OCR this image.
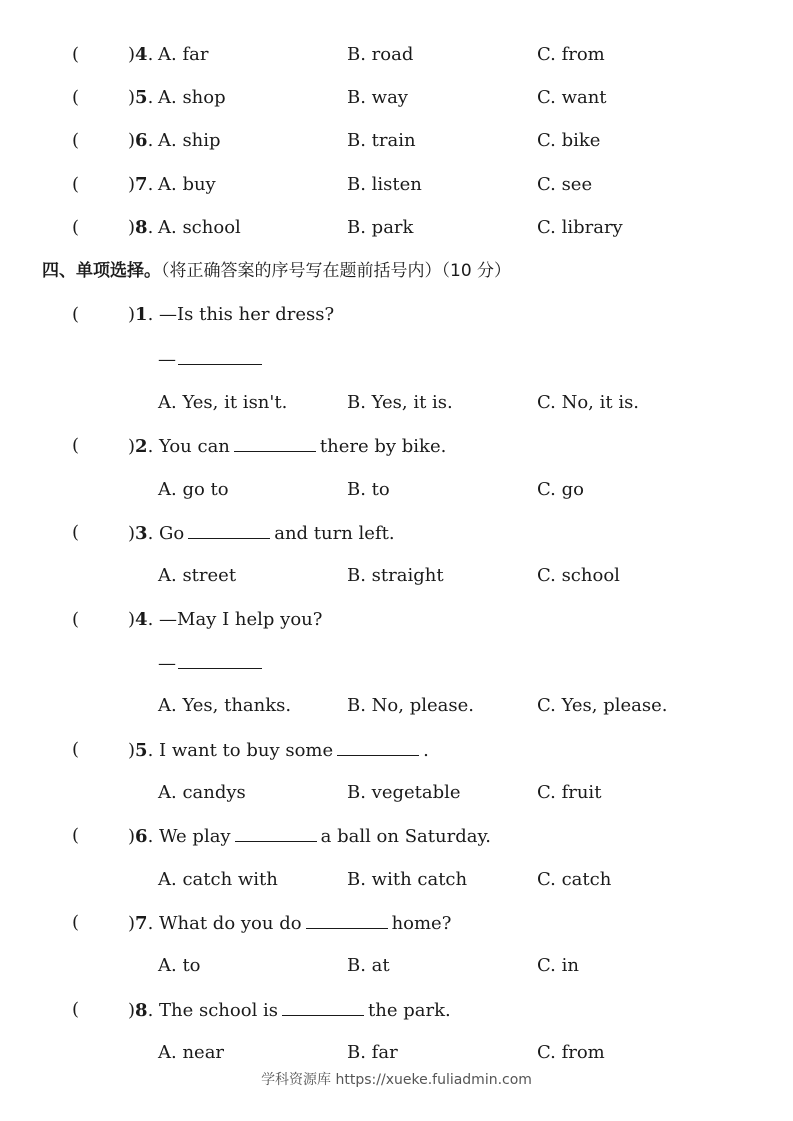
(	)4. A. far	B. road	C. from
(	)5. A. shop	B. way	C. want
(	)6. A. ship	B. train	C. bike
(	)7. A. buy	B. listen	C. see
(	)8. A. school	B. park	C. library
四、单项选择。（将正确答案的序号写在题前括号内）（10 分）
(	)1. —Is this her dress?
—
A. Yes, it isn't.	B. Yes, it is.	C. No, it is.
(	)2. You can	there by bike.
A. go to	B. to	C. go
(	)3. Go	and turn left.
A. street	B. straight	C. school
(	)4. —May I help you?
—
A. Yes, thanks.	B. No, please.	C. Yes, please.
(	)5. I want to buy some	.
A. candys	B. vegetable	C. fruit
(	)6. We play	a ball on Saturday.
A. catch with	B. with catch	C. catch
(	)7. What do you do	home?
A. to	B. at	C. in
(	)8. The school is	the park.
A. near	B. far	C. from
学科资源库 https://xueke.fuliadmin.com
